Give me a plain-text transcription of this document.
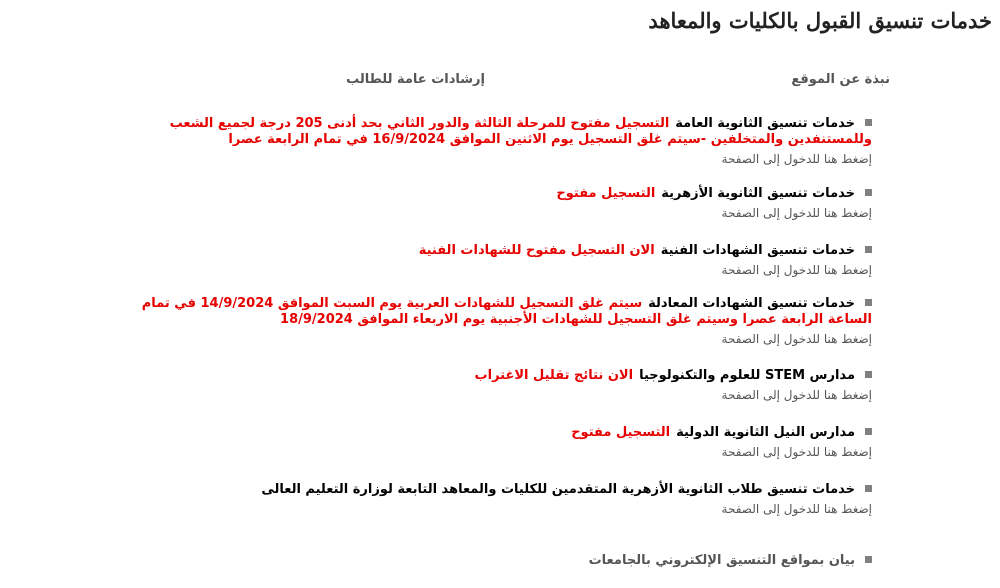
خدمات تنسيق القبول بالكليات والمعاهد
نبذة عن الموقع
إرشادات عامة للطالب
خدمات تنسيق الثانوية العامةالتسجيل مفتوح للمرحلة الثالثة والدور الثاني بحد أدنى 205 درجة لجميع الشعب وللمستنفدين والمتخلفين -سيتم غلق التسجيل يوم الاثنين الموافق 16/9/2024 في تمام الرابعة عصرا
إضغط هنا للدخول إلى الصفحة
خدمات تنسيق الثانوية الأزهريةالتسجيل مفتوح
إضغط هنا للدخول إلى الصفحة
خدمات تنسيق الشهادات الفنيةالان التسجيل مفتوح للشهادات الفنية
إضغط هنا للدخول إلى الصفحة
خدمات تنسيق الشهادات المعادلةسيتم غلق التسجيل للشهادات العربية يوم السبت الموافق 14/9/2024 في تمام الساعة الرابعة عصرا وسيتم غلق التسجيل للشهادات الأجنبية يوم الاربعاء الموافق 18/9/2024
إضغط هنا للدخول إلى الصفحة
مدارس STEM للعلوم والتكنولوجياالان نتائج تقليل الاغتراب
إضغط هنا للدخول إلى الصفحة
مدارس النيل الثانوية الدوليةالتسجيل مفتوح
إضغط هنا للدخول إلى الصفحة
خدمات تنسيق طلاب الثانوية الأزهرية المتقدمين للكليات والمعاهد التابعة لوزارة التعليم العالى
إضغط هنا للدخول إلى الصفحة
بيان بمواقع التنسيق الإلكتروني بالجامعات
